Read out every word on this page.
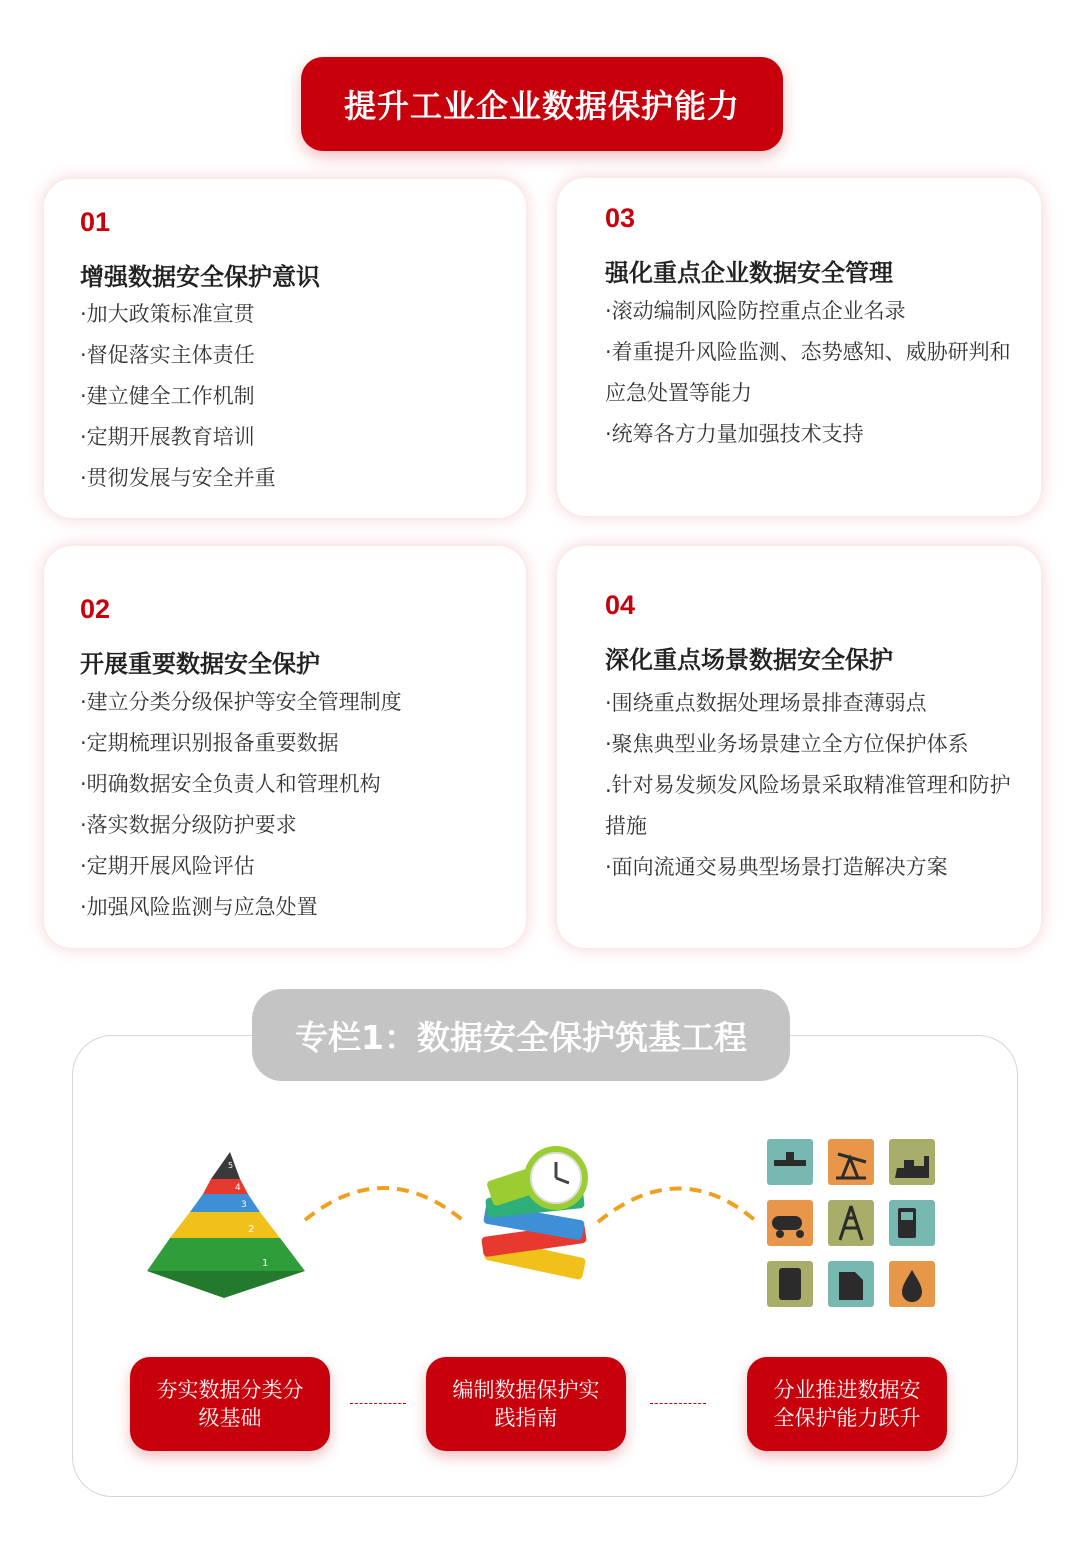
提升工业企业数据保护能力
01
增强数据安全保护意识
·加大政策标准宣贯
·督促落实主体责任
·建立健全工作机制
·定期开展教育培训
·贯彻发展与安全并重
03
强化重点企业数据安全管理
·滚动编制风险防控重点企业名录
·着重提升风险监测、态势感知、威胁研判和应急处置等能力
·统筹各方力量加强技术支持
02
开展重要数据安全保护
·建立分类分级保护等安全管理制度
·定期梳理识别报备重要数据
·明确数据安全负责人和管理机构
·落实数据分级防护要求
·定期开展风险评估
·加强风险监测与应急处置
04
深化重点场景数据安全保护
·围绕重点数据处理场景排查薄弱点
·聚焦典型业务场景建立全方位保护体系
.针对易发频发风险场景采取精准管理和防护措施
·面向流通交易典型场景打造解决方案
专栏1：数据安全保护筑基工程
1
2
3
4
5
夯实数据分类分级基础
编制数据保护实践指南
分业推进数据安全保护能力跃升
